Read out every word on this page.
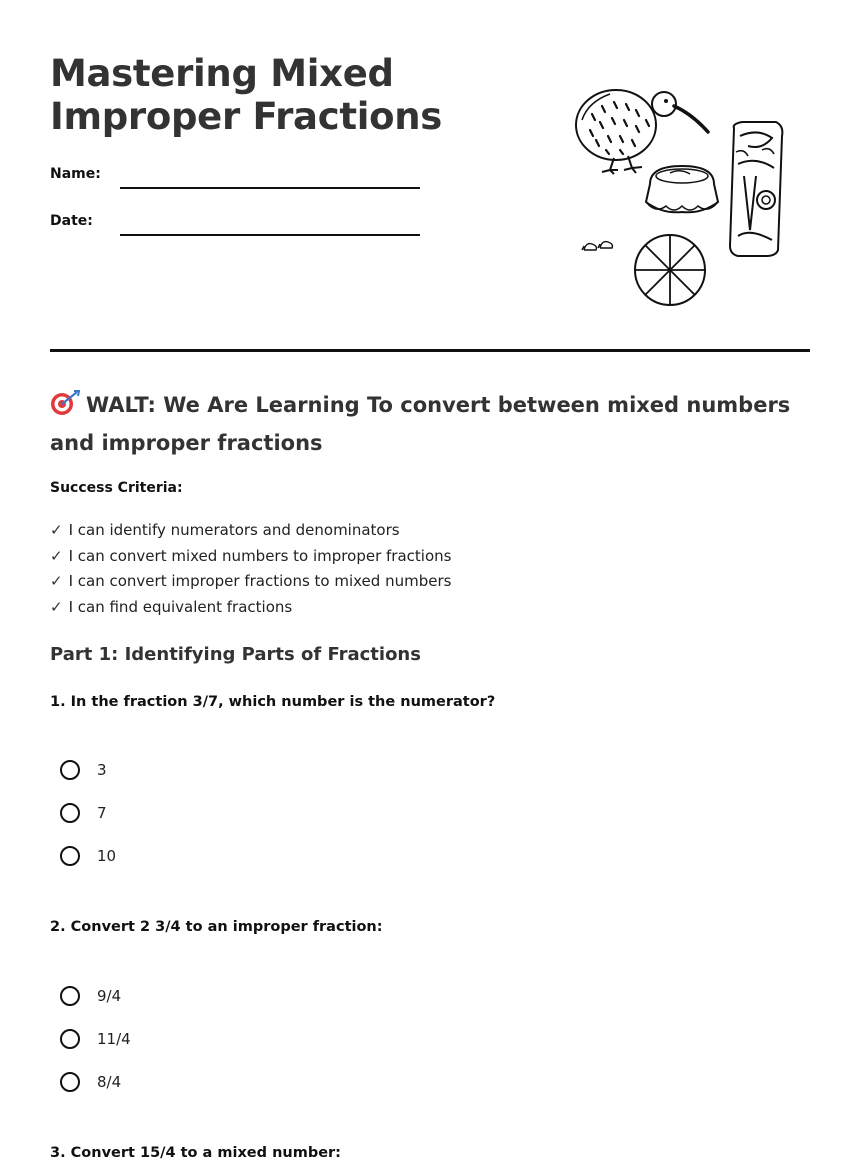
Mastering Mixed
Improper Fractions
Name:
Date:
WALT: We Are Learning To convert between mixed numbers and improper fractions
Success Criteria:
✓ I can identify numerators and denominators
✓ I can convert mixed numbers to improper fractions
✓ I can convert improper fractions to mixed numbers
✓ I can find equivalent fractions
Part 1: Identifying Parts of Fractions
1. In the fraction 3/7, which number is the numerator?
3
7
10
2. Convert 2 3/4 to an improper fraction:
9/4
11/4
8/4
3. Convert 15/4 to a mixed number:
